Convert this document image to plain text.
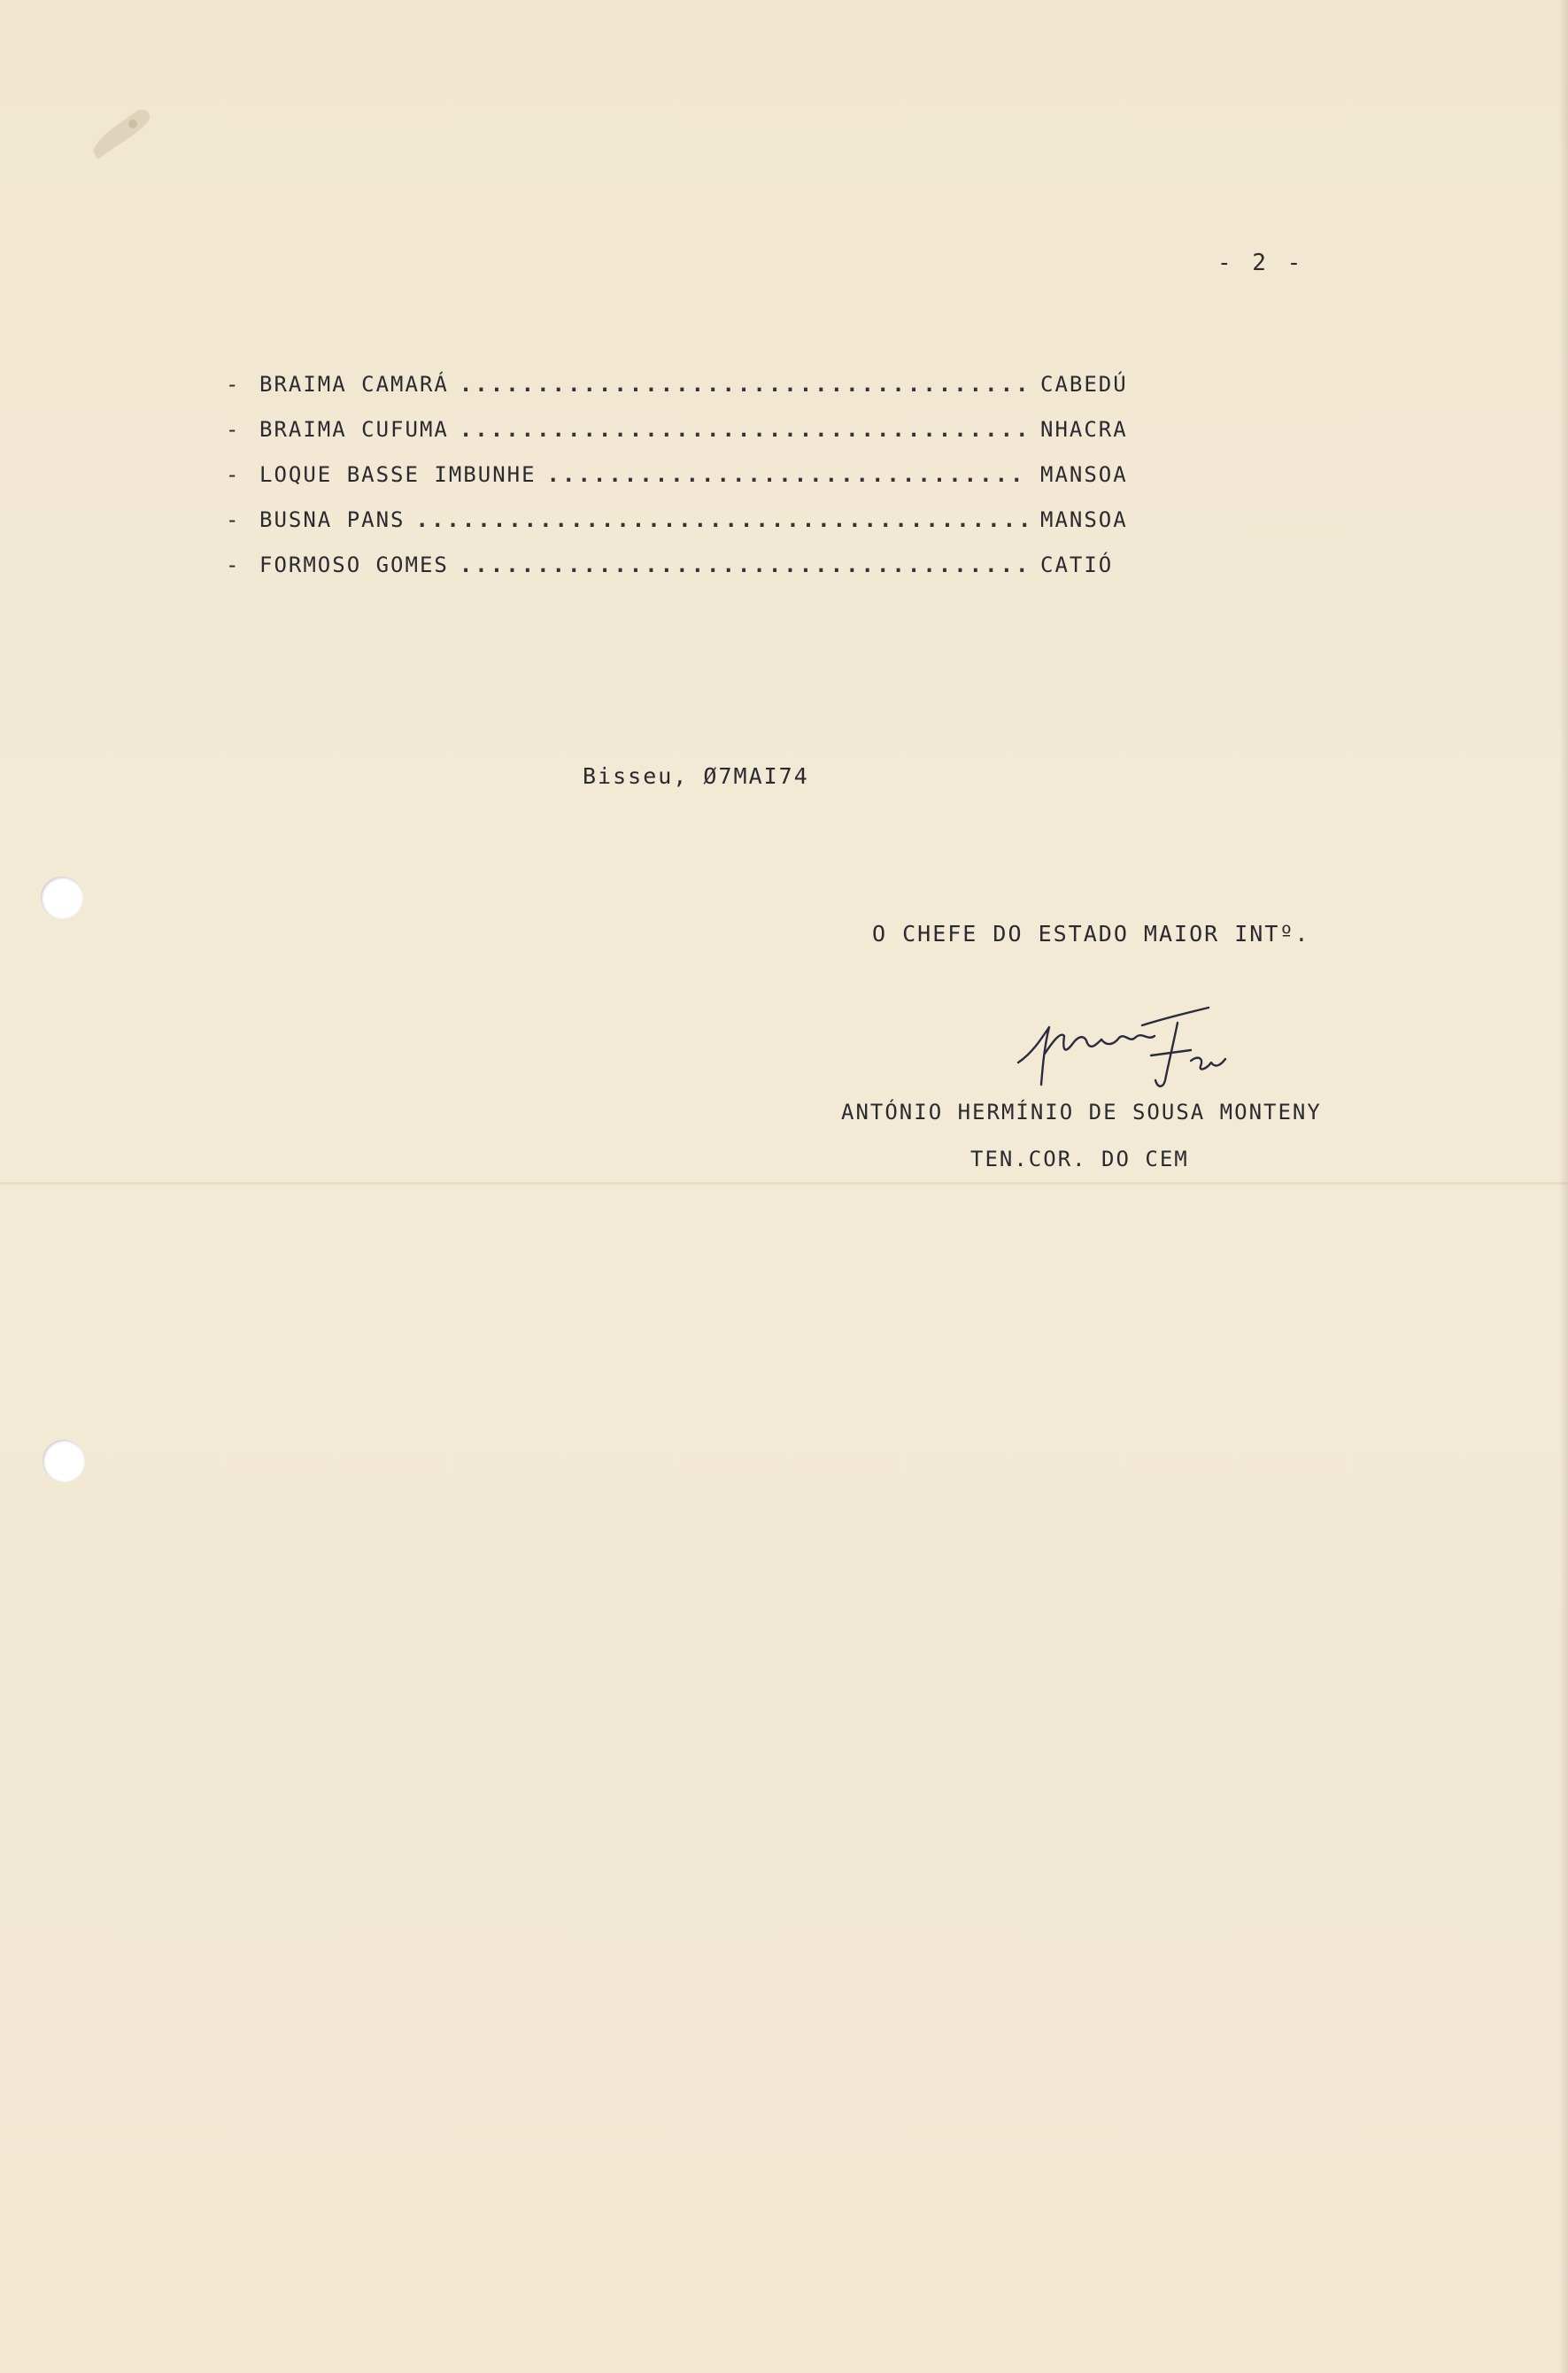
- 2 -
- BRAIMA CAMARÁ .....	CABEDÚ
- BRAIMA CUFUMA .....	NHACRA
- LOQUE BASSE IMBUNHE .....	MANSOA
- BUSNA PANS .....	MANSOA
- FORMOSO GOMES .....	CATIÓ
Bisseu, Ø7MAI74
O CHEFE DO ESTADO MAIOR INTº.
ANTÓNIO HERMÍNIO DE SOUSA MONTENY
TEN.COR. DO CEM
